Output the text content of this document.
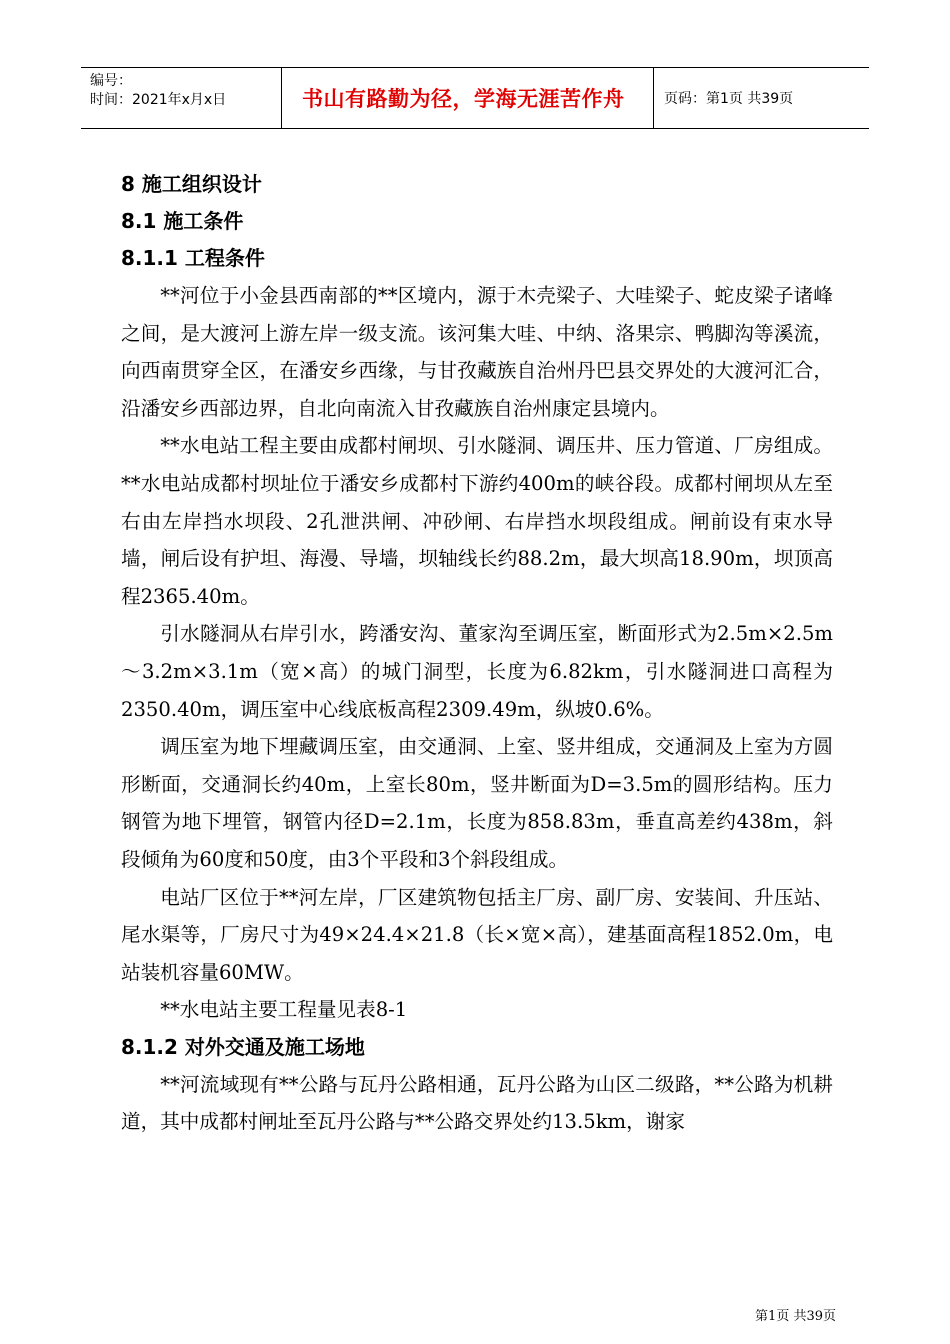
编号：
时间：2021年x月x日	书山有路勤为径，学海无涯苦作舟	页码：第1页 共39页
8 施工组织设计
8.1 施工条件
8.1.1 工程条件

**河位于小金县西南部的**区境内，源于木壳梁子、大哇梁子、蛇皮梁子诸峰之间，是大渡河上游左岸一级支流。该河集大哇、中纳、洛果宗、鸭脚沟等溪流，向西南贯穿全区，在潘安乡西缘，与甘孜藏族自治州丹巴县交界处的大渡河汇合，沿潘安乡西部边界，自北向南流入甘孜藏族自治州康定县境内。

**水电站工程主要由成都村闸坝、引水隧洞、调压井、压力管道、厂房组成。**水电站成都村坝址位于潘安乡成都村下游约400m的峡谷段。成都村闸坝从左至右由左岸挡水坝段、2孔泄洪闸、冲砂闸、右岸挡水坝段组成。闸前设有束水导墙，闸后设有护坦、海漫、导墙，坝轴线长约88.2m，最大坝高18.90m，坝顶高程2365.40m。

引水隧洞从右岸引水，跨潘安沟、董家沟至调压室，断面形式为2.5m×2.5m～3.2m×3.1m（宽×高）的城门洞型，长度为6.82km，引水隧洞进口高程为2350.40m，调压室中心线底板高程2309.49m，纵坡0.6%。

调压室为地下埋藏调压室，由交通洞、上室、竖井组成，交通洞及上室为方圆形断面，交通洞长约40m，上室长80m，竖井断面为D=3.5m的圆形结构。压力钢管为地下埋管，钢管内径D=2.1m，长度为858.83m，垂直高差约438m，斜段倾角为60度和50度，由3个平段和3个斜段组成。

电站厂区位于**河左岸，厂区建筑物包括主厂房、副厂房、安装间、升压站、尾水渠等，厂房尺寸为49×24.4×21.8（长×宽×高），建基面高程1852.0m，电站装机容量60MW。

**水电站主要工程量见表8-1

8.1.2 对外交通及施工场地

**河流域现有**公路与瓦丹公路相通，瓦丹公路为山区二级路，**公路为机耕道，其中成都村闸址至瓦丹公路与**公路交界处约13.5km，谢家

第1页 共39页
